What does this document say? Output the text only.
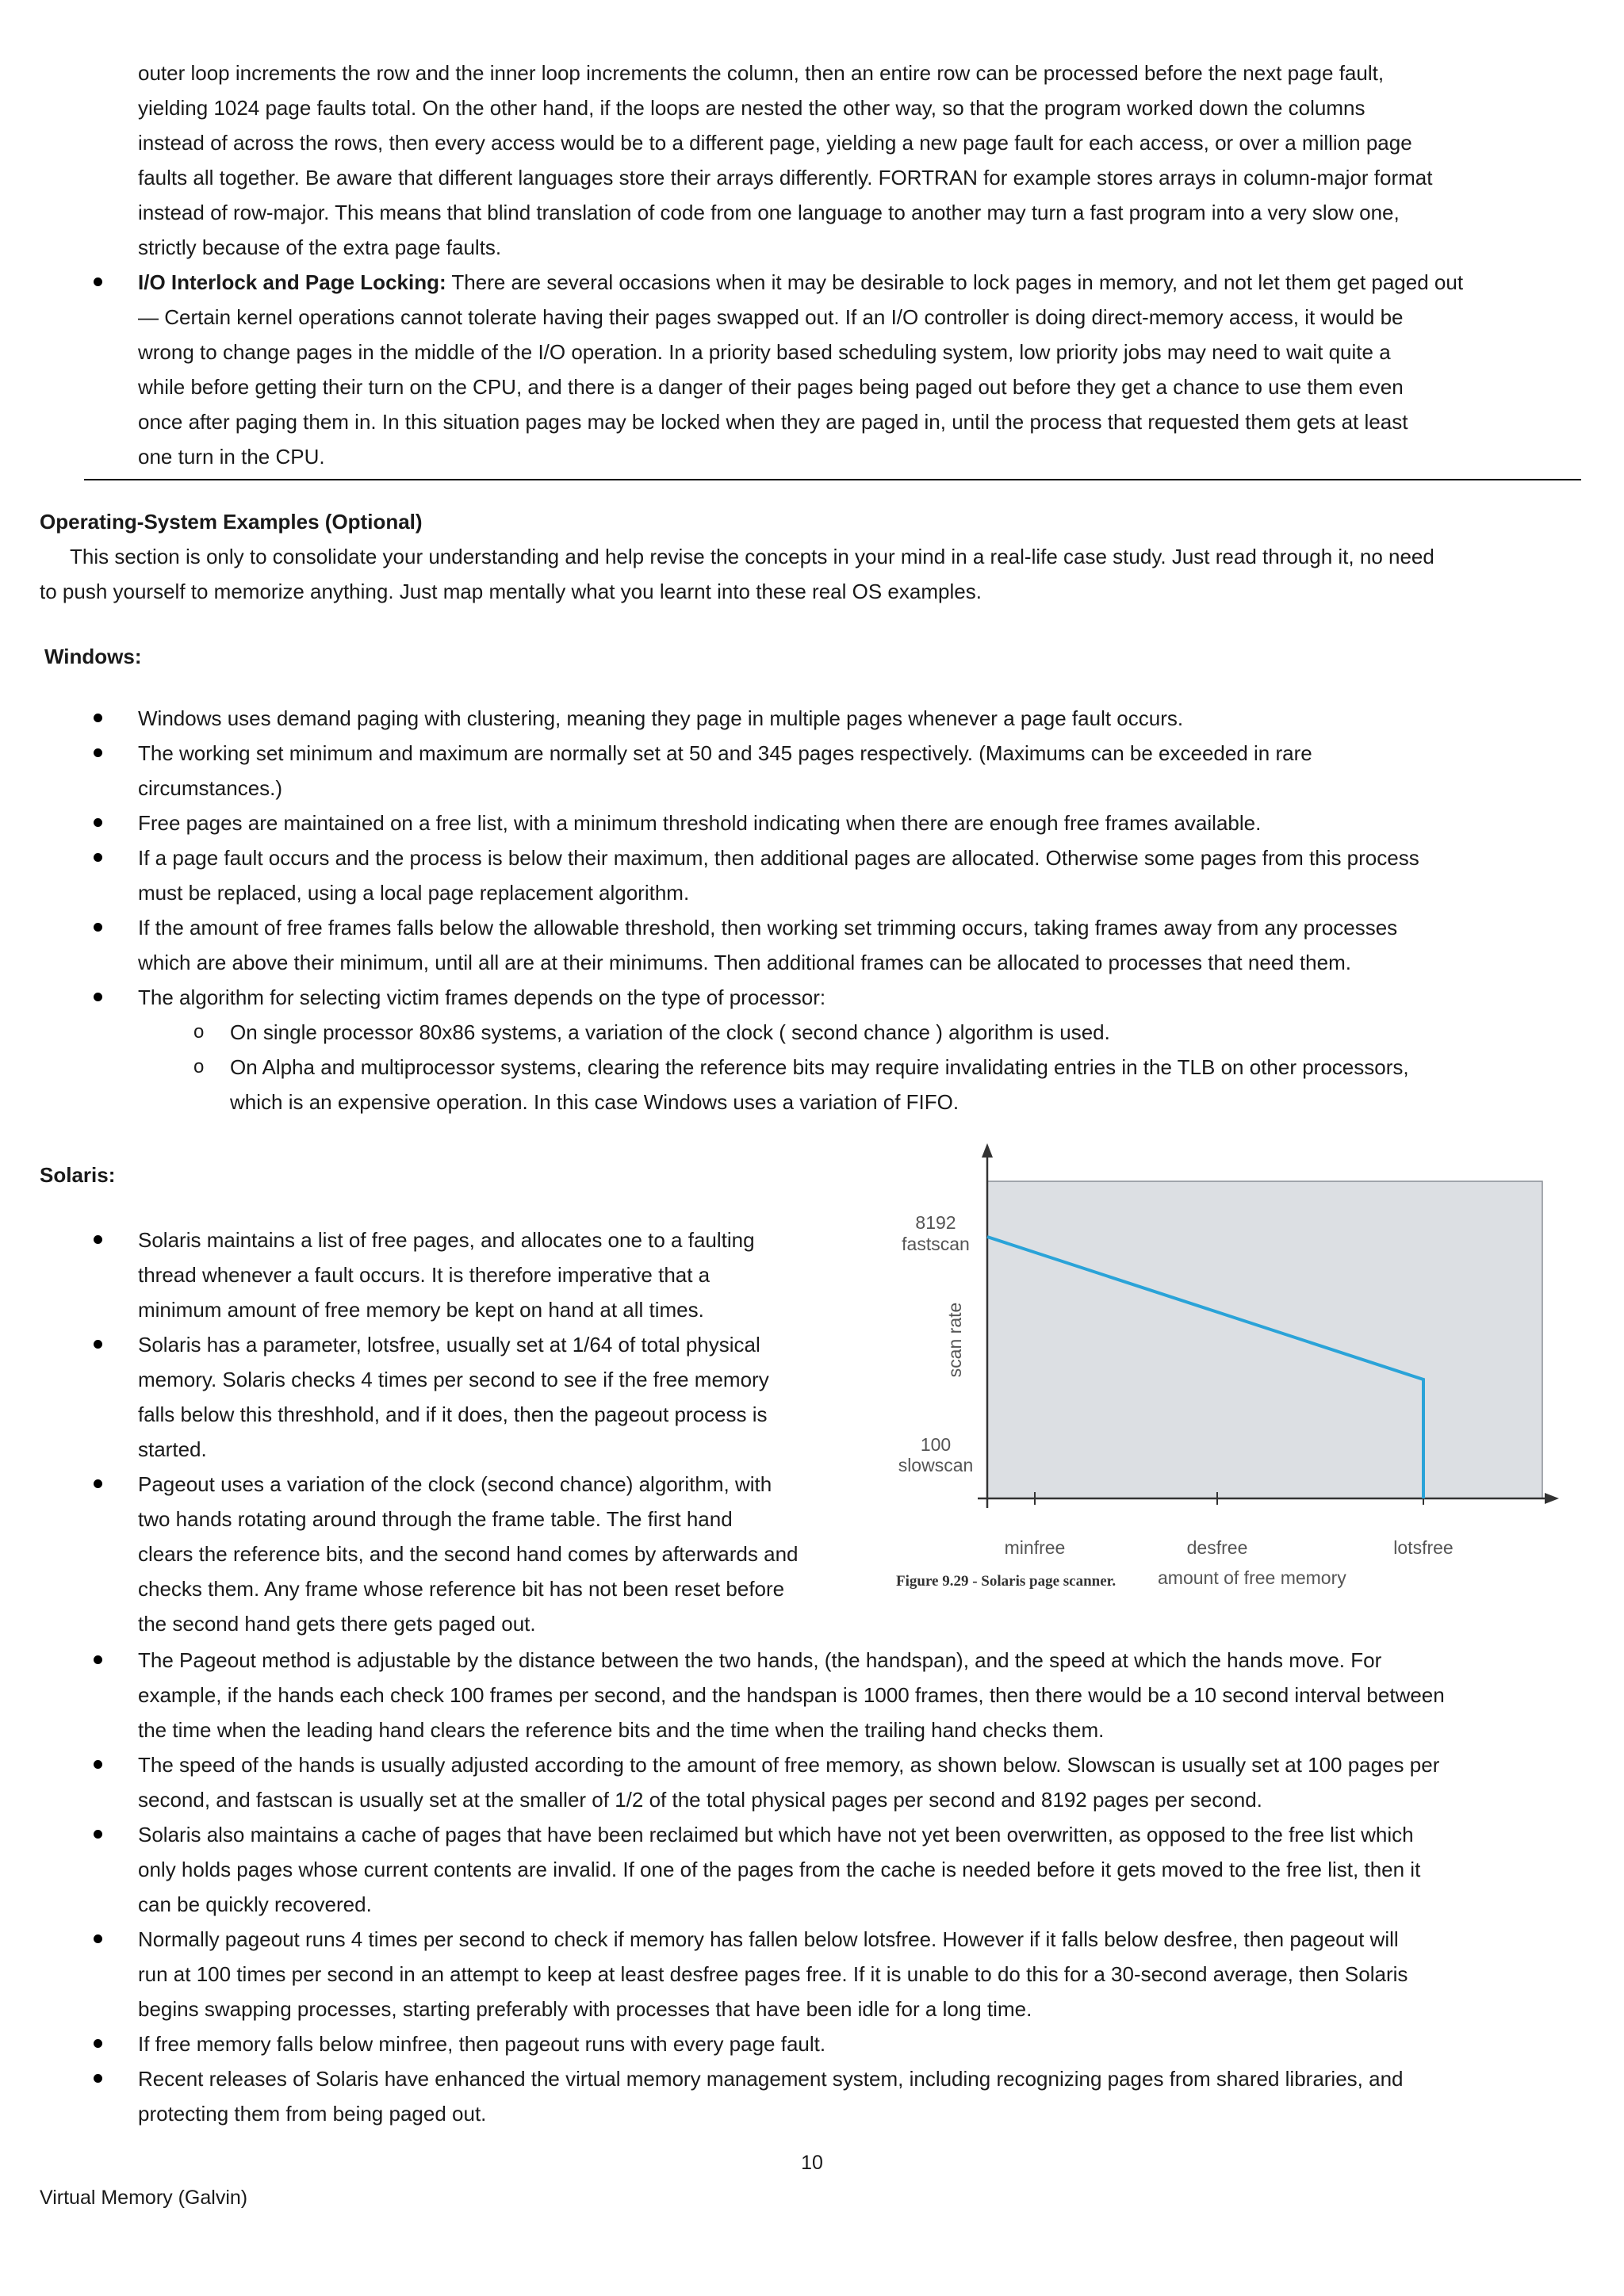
outer loop increments the row and the inner loop increments the column, then an entire row can be processed before the next page fault,

yielding 1024 page faults total. On the other hand, if the loops are nested the other way, so that the program worked down the columns

instead of across the rows, then every access would be to a different page, yielding a new page fault for each access, or over a million page

faults all together. Be aware that different languages store their arrays differently. FORTRAN for example stores arrays in column-major format

instead of row-major. This means that blind translation of code from one language to another may turn a fast program into a very slow one,

strictly because of the extra page faults.

I/O Interlock and Page Locking: There are several occasions when it may be desirable to lock pages in memory, and not let them get paged out

— Certain kernel operations cannot tolerate having their pages swapped out. If an I/O controller is doing direct-memory access, it would be

wrong to change pages in the middle of the I/O operation. In a priority based scheduling system, low priority jobs may need to wait quite a

while before getting their turn on the CPU, and there is a danger of their pages being paged out before they get a chance to use them even

once after paging them in. In this situation pages may be locked when they are paged in, until the process that requested them gets at least

one turn in the CPU.

Operating-System Examples (Optional)

This section is only to consolidate your understanding and help revise the concepts in your mind in a real-life case study. Just read through it, no need

to push yourself to memorize anything. Just map mentally what you learnt into these real OS examples.

Windows:

Windows uses demand paging with clustering, meaning they page in multiple pages whenever a page fault occurs.

The working set minimum and maximum are normally set at 50 and 345 pages respectively. (Maximums can be exceeded in rare

circumstances.)

Free pages are maintained on a free list, with a minimum threshold indicating when there are enough free frames available.

If a page fault occurs and the process is below their maximum, then additional pages are allocated. Otherwise some pages from this process

must be replaced, using a local page replacement algorithm.

If the amount of free frames falls below the allowable threshold, then working set trimming occurs, taking frames away from any processes

which are above their minimum, until all are at their minimums. Then additional frames can be allocated to processes that need them.

The algorithm for selecting victim frames depends on the type of processor:

o On single processor 80x86 systems, a variation of the clock ( second chance ) algorithm is used.

o On Alpha and multiprocessor systems, clearing the reference bits may require invalidating entries in the TLB on other processors,

which is an expensive operation. In this case Windows uses a variation of FIFO.

Solaris:

Solaris maintains a list of free pages, and allocates one to a faulting

thread whenever a fault occurs. It is therefore imperative that a

minimum amount of free memory be kept on hand at all times.

Solaris has a parameter, lotsfree, usually set at 1/64 of total physical

memory. Solaris checks 4 times per second to see if the free memory

falls below this threshhold, and if it does, then the pageout process is

started.

Pageout uses a variation of the clock (second chance) algorithm, with

two hands rotating around through the frame table. The first hand

clears the reference bits, and the second hand comes by afterwards and

checks them. Any frame whose reference bit has not been reset before

the second hand gets there gets paged out.

8192
fastscan
100
slowscan
scan rate
minfree	desfree	lotsfree
Figure 9.29 - Solaris page scanner. amount of free memory

The Pageout method is adjustable by the distance between the two hands, (the handspan), and the speed at which the hands move. For

example, if the hands each check 100 frames per second, and the handspan is 1000 frames, then there would be a 10 second interval between

the time when the leading hand clears the reference bits and the time when the trailing hand checks them.

The speed of the hands is usually adjusted according to the amount of free memory, as shown below. Slowscan is usually set at 100 pages per

second, and fastscan is usually set at the smaller of 1/2 of the total physical pages per second and 8192 pages per second.

Solaris also maintains a cache of pages that have been reclaimed but which have not yet been overwritten, as opposed to the free list which

only holds pages whose current contents are invalid. If one of the pages from the cache is needed before it gets moved to the free list, then it

can be quickly recovered.

Normally pageout runs 4 times per second to check if memory has fallen below lotsfree. However if it falls below desfree, then pageout will

run at 100 times per second in an attempt to keep at least desfree pages free. If it is unable to do this for a 30-second average, then Solaris

begins swapping processes, starting preferably with processes that have been idle for a long time.

If free memory falls below minfree, then pageout runs with every page fault.

Recent releases of Solaris have enhanced the virtual memory management system, including recognizing pages from shared libraries, and

protecting them from being paged out.

10
Virtual Memory (Galvin)
